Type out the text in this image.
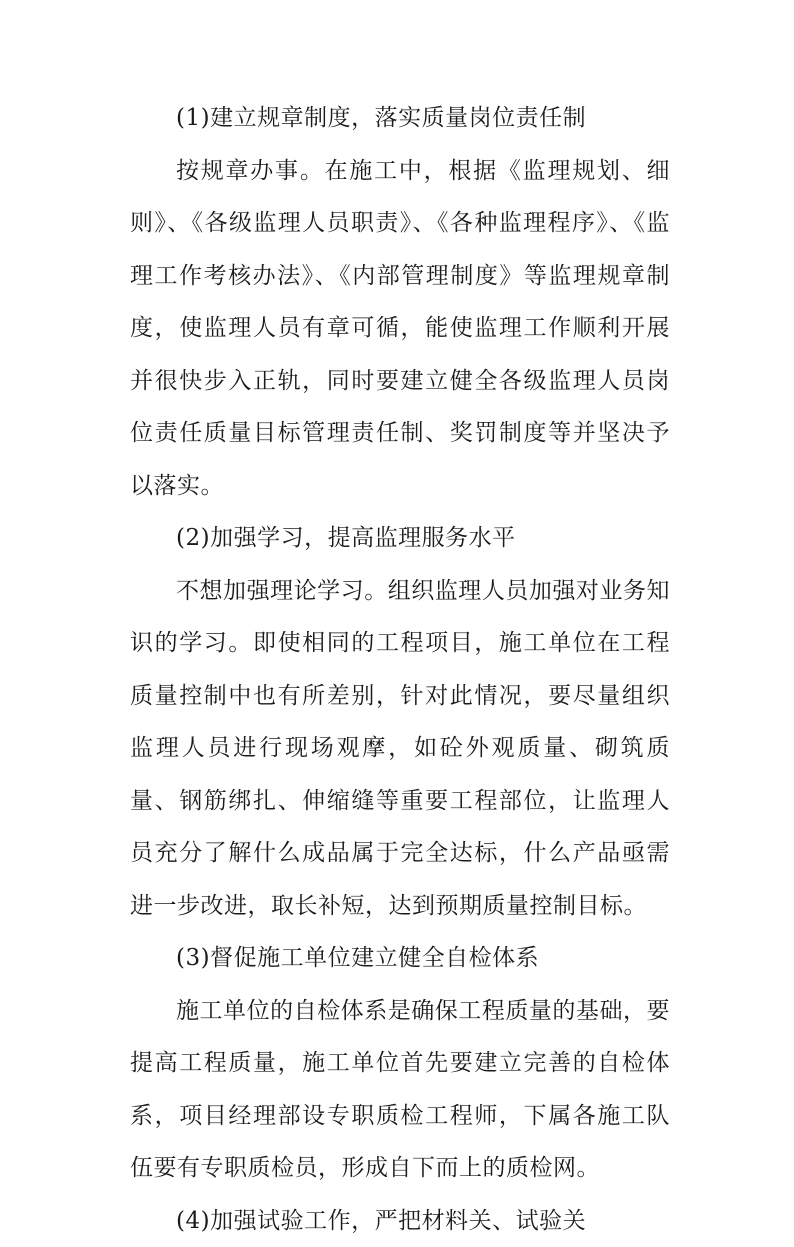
(1)建立规章制度，落实质量岗位责任制

按规章办事。在施工中，根据《监理规划、细则》、《各级监理人员职责》、《各种监理程序》、《监理工作考核办法》、《内部管理制度》等监理规章制度，使监理人员有章可循，能使监理工作顺利开展并很快步入正轨，同时要建立健全各级监理人员岗位责任质量目标管理责任制、奖罚制度等并坚决予以落实。

(2)加强学习，提高监理服务水平

不想加强理论学习。组织监理人员加强对业务知识的学习。即使相同的工程项目，施工单位在工程质量控制中也有所差别，针对此情况，要尽量组织监理人员进行现场观摩，如砼外观质量、砌筑质量、钢筋绑扎、伸缩缝等重要工程部位，让监理人员充分了解什么成品属于完全达标，什么产品亟需进一步改进，取长补短，达到预期质量控制目标。

(3)督促施工单位建立健全自检体系

施工单位的自检体系是确保工程质量的基础，要提高工程质量，施工单位首先要建立完善的自检体系，项目经理部设专职质检工程师，下属各施工队伍要有专职质检员，形成自下而上的质检网。

(4)加强试验工作，严把材料关、试验关
